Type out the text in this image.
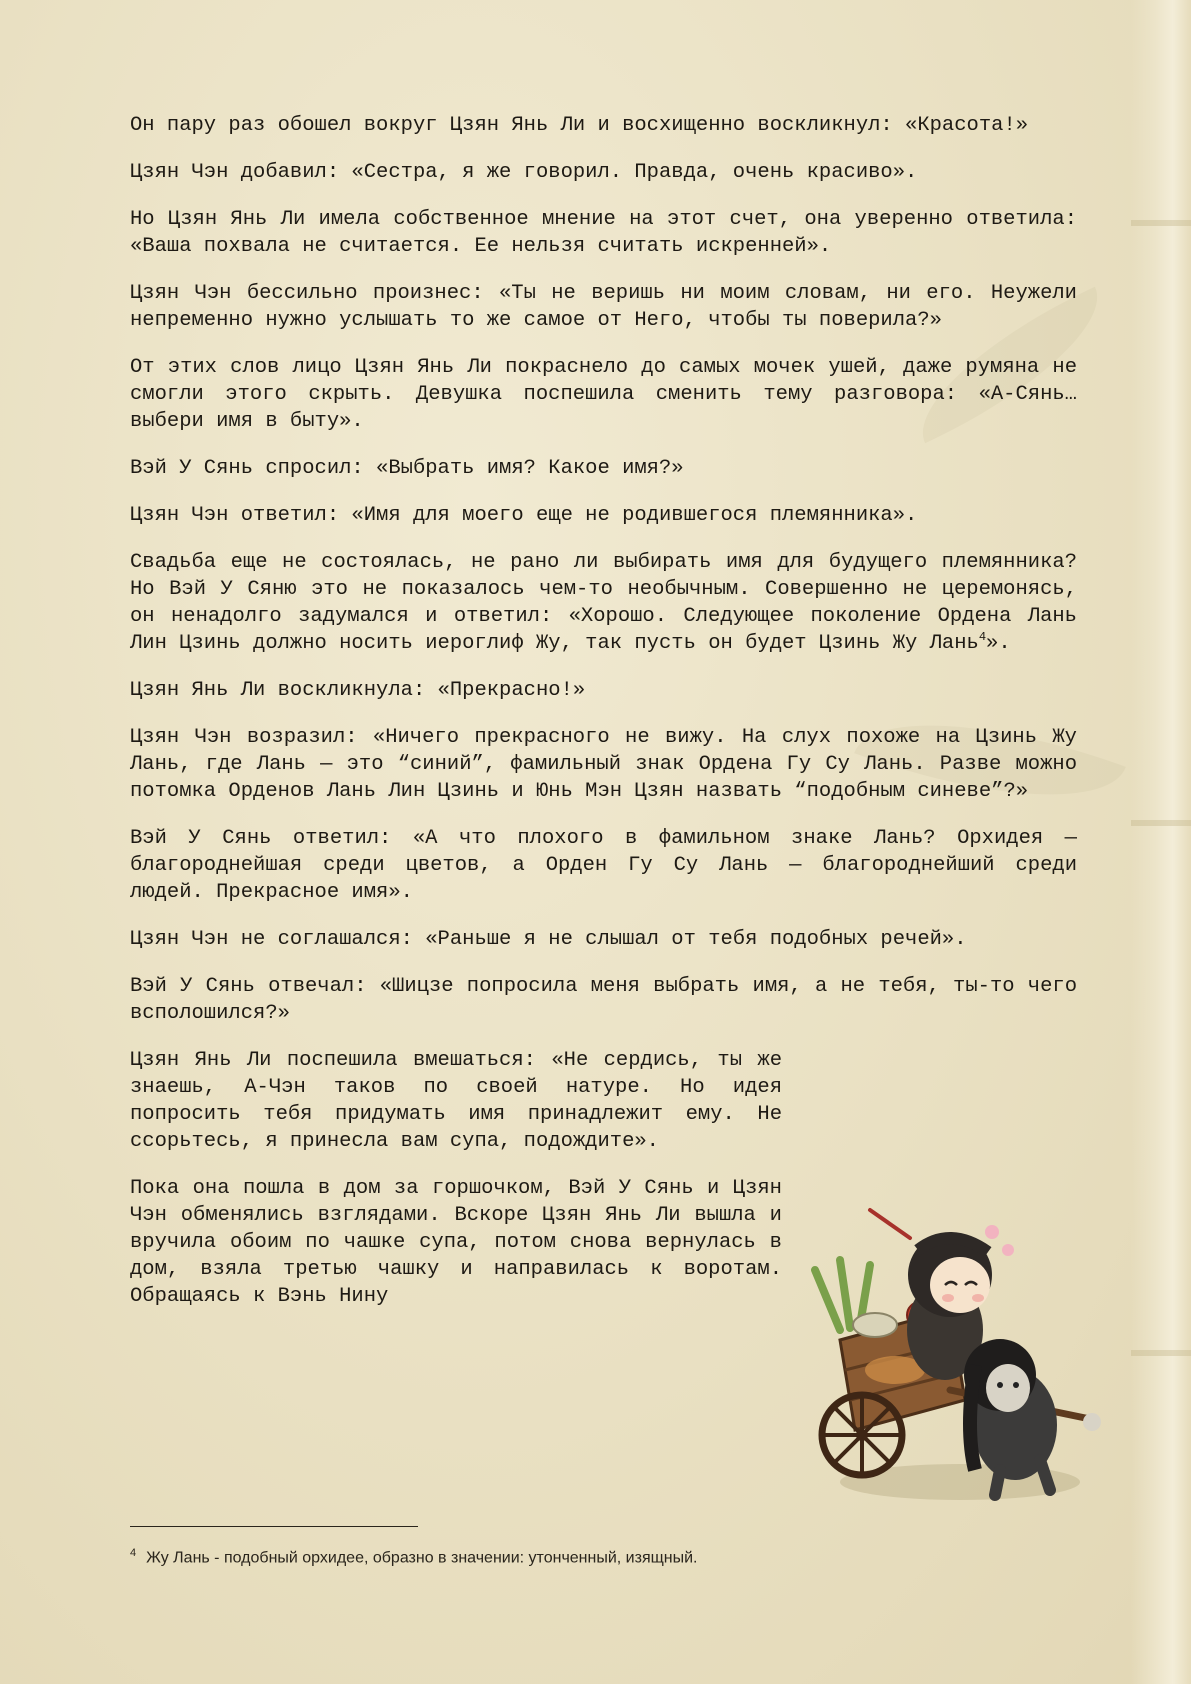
Он пару раз обошел вокруг Цзян Янь Ли и восхищенно воскликнул: «Красота!»

Цзян Чэн добавил: «Сестра, я же говорил. Правда, очень красиво».

Но Цзян Янь Ли имела собственное мнение на этот счет, она уверенно ответила: «Ваша похвала не считается. Ее нельзя считать искренней».

Цзян Чэн бессильно произнес: «Ты не веришь ни моим словам, ни его. Неужели непременно нужно услышать то же самое от Него, чтобы ты поверила?»

От этих слов лицо Цзян Янь Ли покраснело до самых мочек ушей, даже румяна не смогли этого скрыть. Девушка поспешила сменить тему разговора: «А-Сянь… выбери имя в быту».

Вэй У Сянь спросил: «Выбрать имя? Какое имя?»

Цзян Чэн ответил: «Имя для моего еще не родившегося племянника».

Свадьба еще не состоялась, не рано ли выбирать имя для будущего племянника? Но Вэй У Сяню это не показалось чем-то необычным. Совершенно не церемонясь, он ненадолго задумался и ответил: «Хорошо. Следующее поколение Ордена Лань Лин Цзинь должно носить иероглиф Жу, так пусть он будет Цзинь Жу Лань$^4$».

Цзян Янь Ли воскликнула: «Прекрасно!»

Цзян Чэн возразил: «Ничего прекрасного не вижу. На слух похоже на Цзинь Жу Лань, где Лань — это “синий”, фамильный знак Ордена Гу Су Лань. Разве можно потомка Орденов Лань Лин Цзинь и Юнь Мэн Цзян назвать “подобным синеве”?»

Вэй У Сянь ответил: «А что плохого в фамильном знаке Лань? Орхидея — благороднейшая среди цветов, а Орден Гу Су Лань — благороднейший среди людей. Прекрасное имя».

Цзян Чэн не соглашался: «Раньше я не слышал от тебя подобных речей».

Вэй У Сянь отвечал: «Шицзе попросила меня выбрать имя, а не тебя, ты-то чего всполошился?»

Цзян Янь Ли поспешила вмешаться: «Не сердись, ты же знаешь, А-Чэн таков по своей натуре. Но идея попросить тебя придумать имя принадлежит ему. Не ссорьтесь, я принесла вам супа, подождите».

Пока она пошла в дом за горшочком, Вэй У Сянь и Цзян Чэн обменялись взглядами. Вскоре Цзян Янь Ли вышла и вручила обоим по чашке супа, потом снова вернулась в дом, взяла третью чашку и направилась к воротам. Обращаясь к Вэнь Нину

$^4$ Жу Лань - подобный орхидее, образно в значении: утонченный, изящный.
